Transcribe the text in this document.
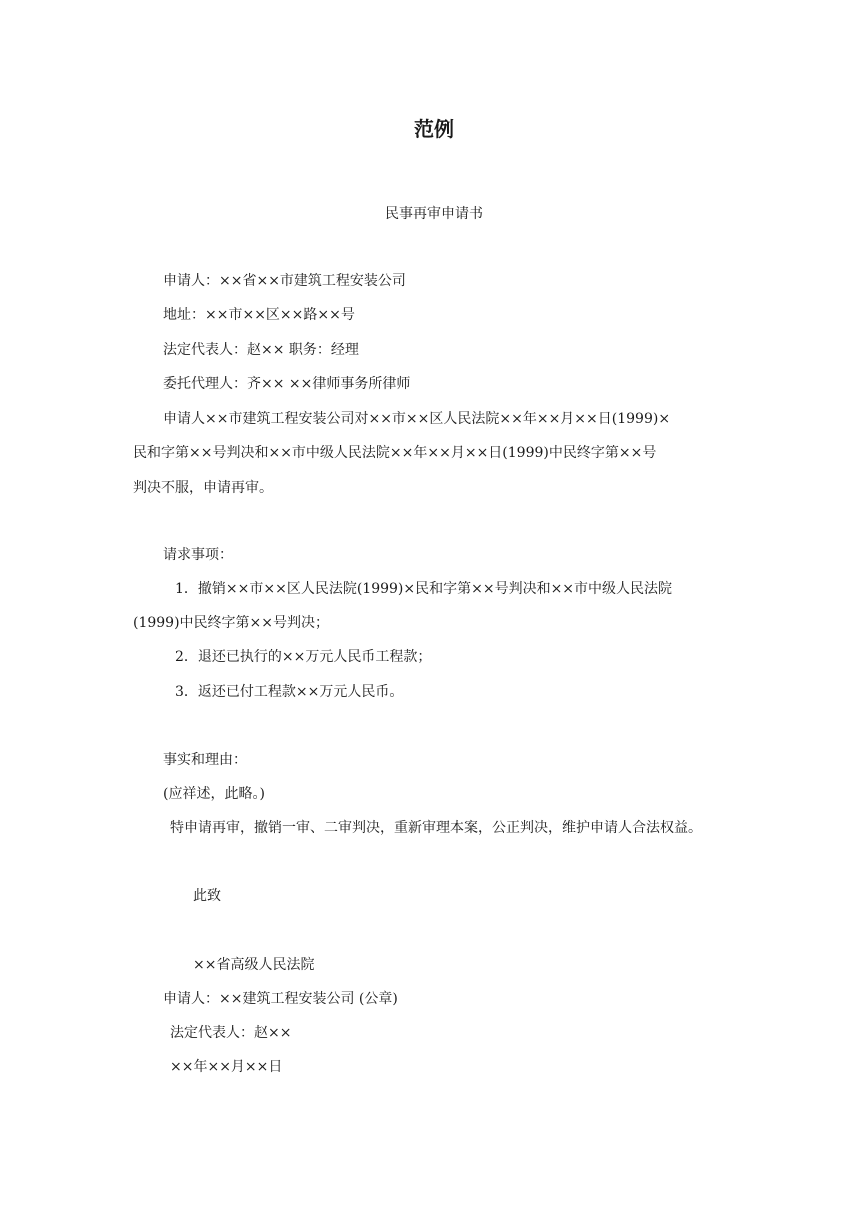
范例
民事再审申请书
申请人：××省××市建筑工程安装公司
地址：××市××区××路××号
法定代表人：赵×× 职务：经理
委托代理人：齐×× ××律师事务所律师
申请人××市建筑工程安装公司对××市××区人民法院××年××月××日(1999)×
民和字第××号判决和××市中级人民法院××年××月××日(1999)中民终字第××号
判决不服，申请再审。
请求事项：
1．撤销××市××区人民法院(1999)×民和字第××号判决和××市中级人民法院
(1999)中民终字第××号判决；
2．退还已执行的××万元人民币工程款；
3．返还已付工程款××万元人民币。
事实和理由：
(应祥述，此略。)
特申请再审，撤销一审、二审判决，重新审理本案，公正判决，维护申请人合法权益。
此致
××省高级人民法院
申请人：××建筑工程安装公司 (公章)
法定代表人：赵××
××年××月××日
